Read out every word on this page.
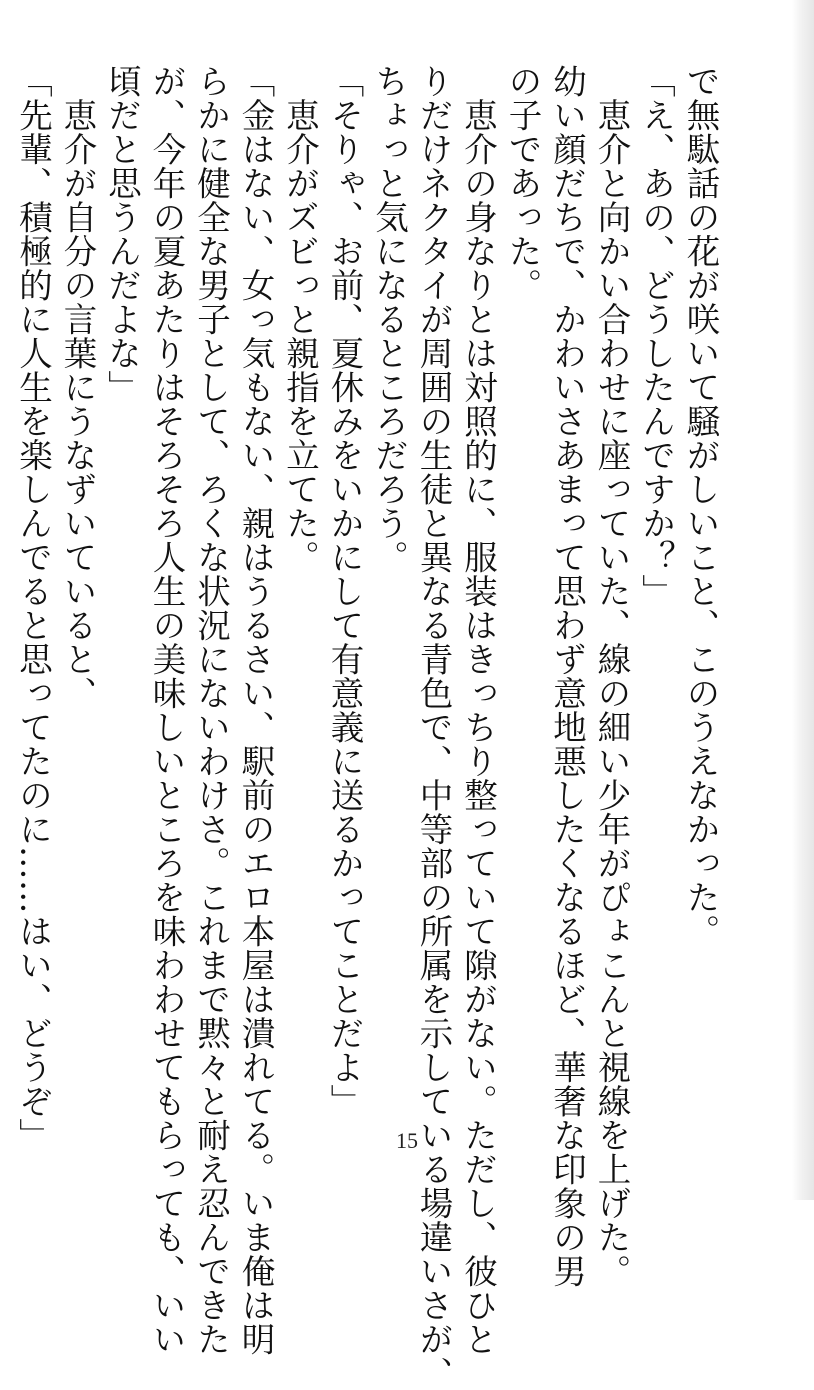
で無駄話の花が咲いて騒がしいこと、このうえなかった。

「え、あの、どうしたんですか？」

　恵介と向かい合わせに座っていた、線の細い少年がぴょこんと視線を上げた。

幼い顔だちで、かわいさあまって思わず意地悪したくなるほど、華奢な印象の男

の子であった。

　恵介の身なりとは対照的に、服装はきっちり整っていて隙がない。ただし、彼ひと

りだけネクタイが周囲の生徒と異なる青色で、中等部の所属を示している場違いさが、

ちょっと気になるところだろう。

「そりゃ、お前、夏休みをいかにして有意義に送るかってことだよ」

　恵介がズビっと親指を立てた。

「金はない、女っ気もない、親はうるさい、駅前のエロ本屋は潰れてる。いま俺は明

らかに健全な男子として、ろくな状況にないわけさ。これまで黙々と耐え忍んできた

が、今年の夏あたりはそろそろ人生の美味しいところを味わわせてもらっても、いい

頃だと思うんだよな」

　恵介が自分の言葉にうなずいていると、

「先輩、積極的に人生を楽しんでると思ってたのに……はい、どうぞ」	15
